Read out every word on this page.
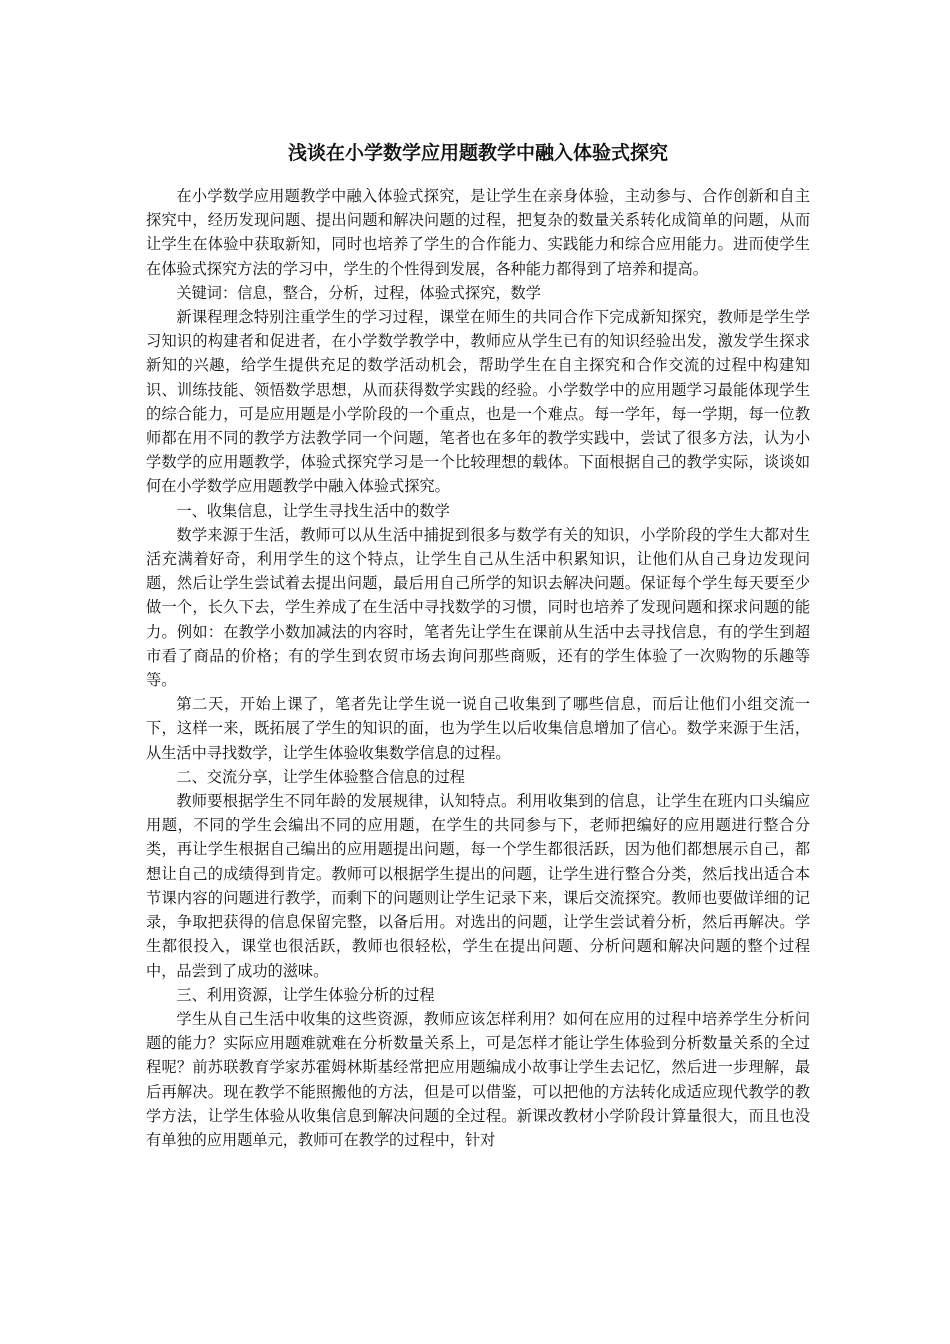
浅谈在小学数学应用题教学中融入体验式探究

在小学数学应用题教学中融入体验式探究，是让学生在亲身体验，主动参与、合作创新和自主探究中，经历发现问题、提出问题和解决问题的过程，把复杂的数量关系转化成简单的问题，从而让学生在体验中获取新知，同时也培养了学生的合作能力、实践能力和综合应用能力。进而使学生在体验式探究方法的学习中，学生的个性得到发展，各种能力都得到了培养和提高。

关键词：信息，整合，分析，过程，体验式探究，数学

新课程理念特别注重学生的学习过程，课堂在师生的共同合作下完成新知探究，教师是学生学习知识的构建者和促进者，在小学数学教学中，教师应从学生已有的知识经验出发，激发学生探求新知的兴趣，给学生提供充足的数学活动机会，帮助学生在自主探究和合作交流的过程中构建知识、训练技能、领悟数学思想，从而获得数学实践的经验。小学数学中的应用题学习最能体现学生的综合能力，可是应用题是小学阶段的一个重点，也是一个难点。每一学年，每一学期，每一位教师都在用不同的教学方法教学同一个问题，笔者也在多年的教学实践中，尝试了很多方法，认为小学数学的应用题教学，体验式探究学习是一个比较理想的载体。下面根据自己的教学实际，谈谈如何在小学数学应用题教学中融入体验式探究。

一、收集信息，让学生寻找生活中的数学

数学来源于生活，教师可以从生活中捕捉到很多与数学有关的知识，小学阶段的学生大都对生活充满着好奇，利用学生的这个特点，让学生自己从生活中积累知识，让他们从自己身边发现问题，然后让学生尝试着去提出问题，最后用自己所学的知识去解决问题。保证每个学生每天要至少做一个，长久下去，学生养成了在生活中寻找数学的习惯，同时也培养了发现问题和探求问题的能力。例如：在教学小数加减法的内容时，笔者先让学生在课前从生活中去寻找信息，有的学生到超市看了商品的价格；有的学生到农贸市场去询问那些商贩，还有的学生体验了一次购物的乐趣等等。

第二天，开始上课了，笔者先让学生说一说自己收集到了哪些信息，而后让他们小组交流一下，这样一来，既拓展了学生的知识的面，也为学生以后收集信息增加了信心。数学来源于生活，从生活中寻找数学，让学生体验收集数学信息的过程。

二、交流分享，让学生体验整合信息的过程

教师要根据学生不同年龄的发展规律，认知特点。利用收集到的信息，让学生在班内口头编应用题，不同的学生会编出不同的应用题，在学生的共同参与下，老师把编好的应用题进行整合分类，再让学生根据自己编出的应用题提出问题，每一个学生都很活跃，因为他们都想展示自己，都想让自己的成绩得到肯定。教师可以根据学生提出的问题，让学生进行整合分类，然后找出适合本节课内容的问题进行教学，而剩下的问题则让学生记录下来，课后交流探究。教师也要做详细的记录，争取把获得的信息保留完整，以备后用。对选出的问题，让学生尝试着分析，然后再解决。学生都很投入，课堂也很活跃，教师也很轻松，学生在提出问题、分析问题和解决问题的整个过程中，品尝到了成功的滋味。

三、利用资源，让学生体验分析的过程

学生从自己生活中收集的这些资源，教师应该怎样利用？如何在应用的过程中培养学生分析问题的能力？实际应用题难就难在分析数量关系上，可是怎样才能让学生体验到分析数量关系的全过程呢？前苏联教育学家苏霍姆林斯基经常把应用题编成小故事让学生去记忆，然后进一步理解，最后再解决。现在教学不能照搬他的方法，但是可以借鉴，可以把他的方法转化成适应现代教学的教学方法，让学生体验从收集信息到解决问题的全过程。新课改教材小学阶段计算量很大，而且也没有单独的应用题单元，教师可在教学的过程中，针对
